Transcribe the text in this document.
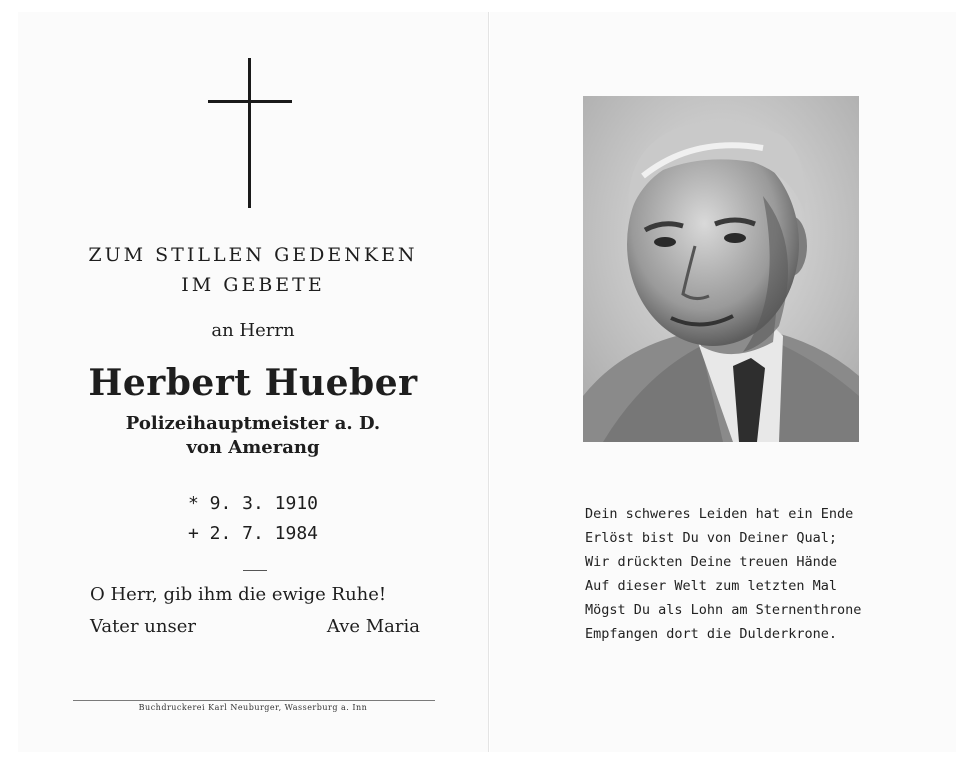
ZUM STILLEN GEDENKEN
IM GEBETE
an Herrn
Herbert Hueber
Polizeihauptmeister a. D.
von Amerang
* 9. 3. 1910
+ 2. 7. 1984
O Herr, gib ihm die ewige Ruhe!
Vater unser	Ave Maria
Buchdruckerei Karl Neuburger, Wasserburg a. Inn
Dein schweres Leiden hat ein Ende
Erlöst bist Du von Deiner Qual;
Wir drückten Deine treuen Hände
Auf dieser Welt zum letzten Mal
Mögst Du als Lohn am Sternenthrone
Empfangen dort die Dulderkrone.
